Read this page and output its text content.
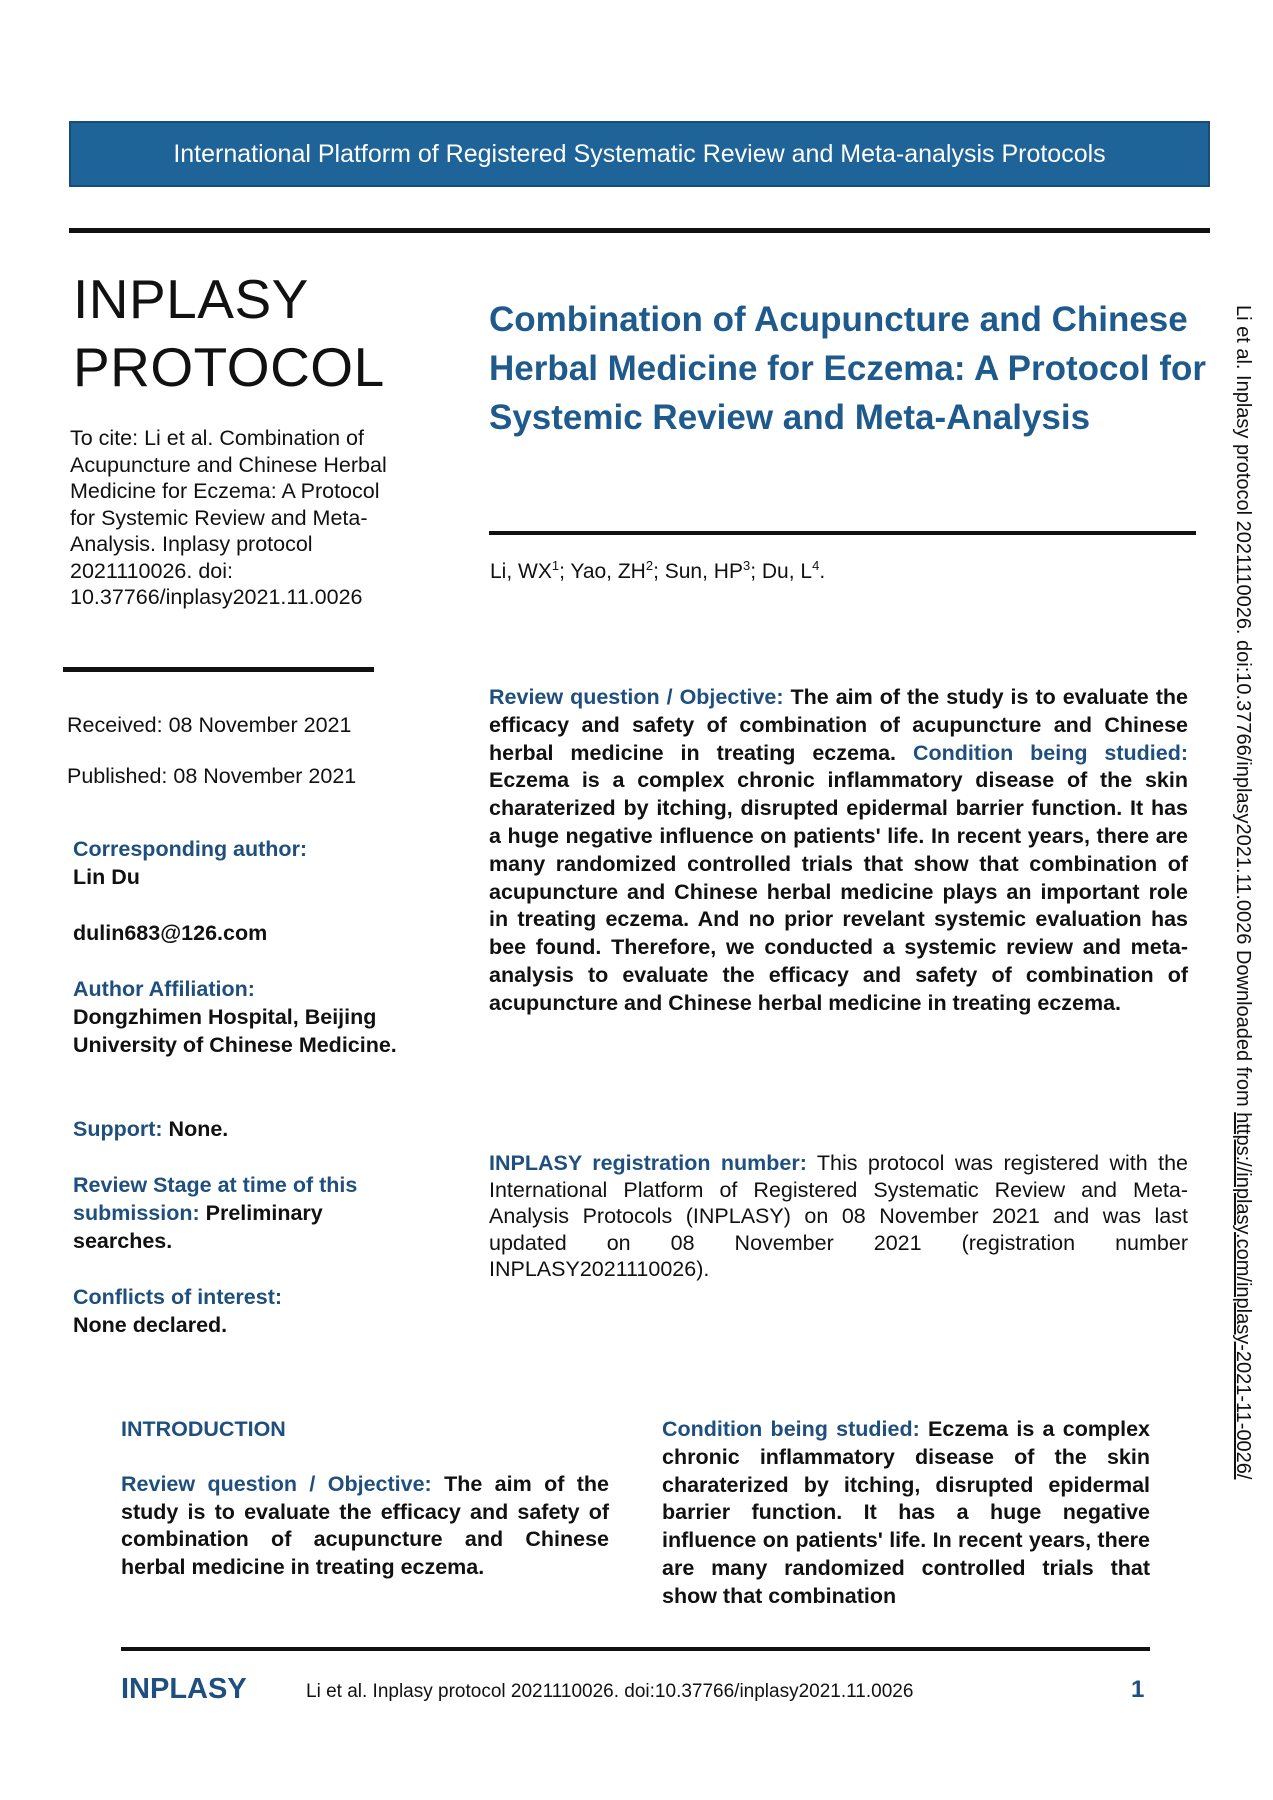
International Platform of Registered Systematic Review and Meta-analysis Protocols
INPLASY
PROTOCOL
To cite: Li et al. Combination of Acupuncture and Chinese Herbal Medicine for Eczema: A Protocol for Systemic Review and Meta-Analysis. Inplasy protocol 2021110026. doi: 10.37766/inplasy2021.11.0026
Received: 08 November 2021
Published: 08 November 2021
Corresponding author:
Lin Du
dulin683@126.com
Author Affiliation:
Dongzhimen Hospital, Beijing University of Chinese Medicine.
Support: None.
Review Stage at time of this submission: Preliminary searches.
Conflicts of interest:
None declared.
Combination of Acupuncture and Chinese Herbal Medicine for Eczema: A Protocol for Systemic Review and Meta-Analysis
Li, $WX^1$; Yao, $ZH^2$; Sun, $HP^3$; Du, $L^4$.
Review question / Objective: The aim of the study is to evaluate the efficacy and safety of combination of acupuncture and Chinese herbal medicine in treating eczema. Condition being studied: Eczema is a complex chronic inflammatory disease of the skin charaterized by itching, disrupted epidermal barrier function. It has a huge negative influence on patients' life. In recent years, there are many randomized controlled trials that show that combination of acupuncture and Chinese herbal medicine plays an important role in treating eczema. And no prior revelant systemic evaluation has bee found. Therefore, we conducted a systemic review and meta-analysis to evaluate the efficacy and safety of combination of acupuncture and Chinese herbal medicine in treating eczema.
INPLASY registration number: This protocol was registered with the International Platform of Registered Systematic Review and Meta-Analysis Protocols (INPLASY) on 08 November 2021 and was last updated on 08 November 2021 (registration number INPLASY2021110026).
INTRODUCTION
Review question / Objective: The aim of the study is to evaluate the efficacy and safety of combination of acupuncture and Chinese herbal medicine in treating eczema.
Condition being studied: Eczema is a complex chronic inflammatory disease of the skin charaterized by itching, disrupted epidermal barrier function. It has a huge negative influence on patients' life. In recent years, there are many randomized controlled trials that show that combination
INPLASY	Li et al. Inplasy protocol 2021110026. doi:10.37766/inplasy2021.11.0026	1
Li et al. Inplasy protocol 2021110026. doi:10.37766/inplasy2021.11.0026 Downloaded from https://inplasy.com/inplasy-2021-11-0026/
